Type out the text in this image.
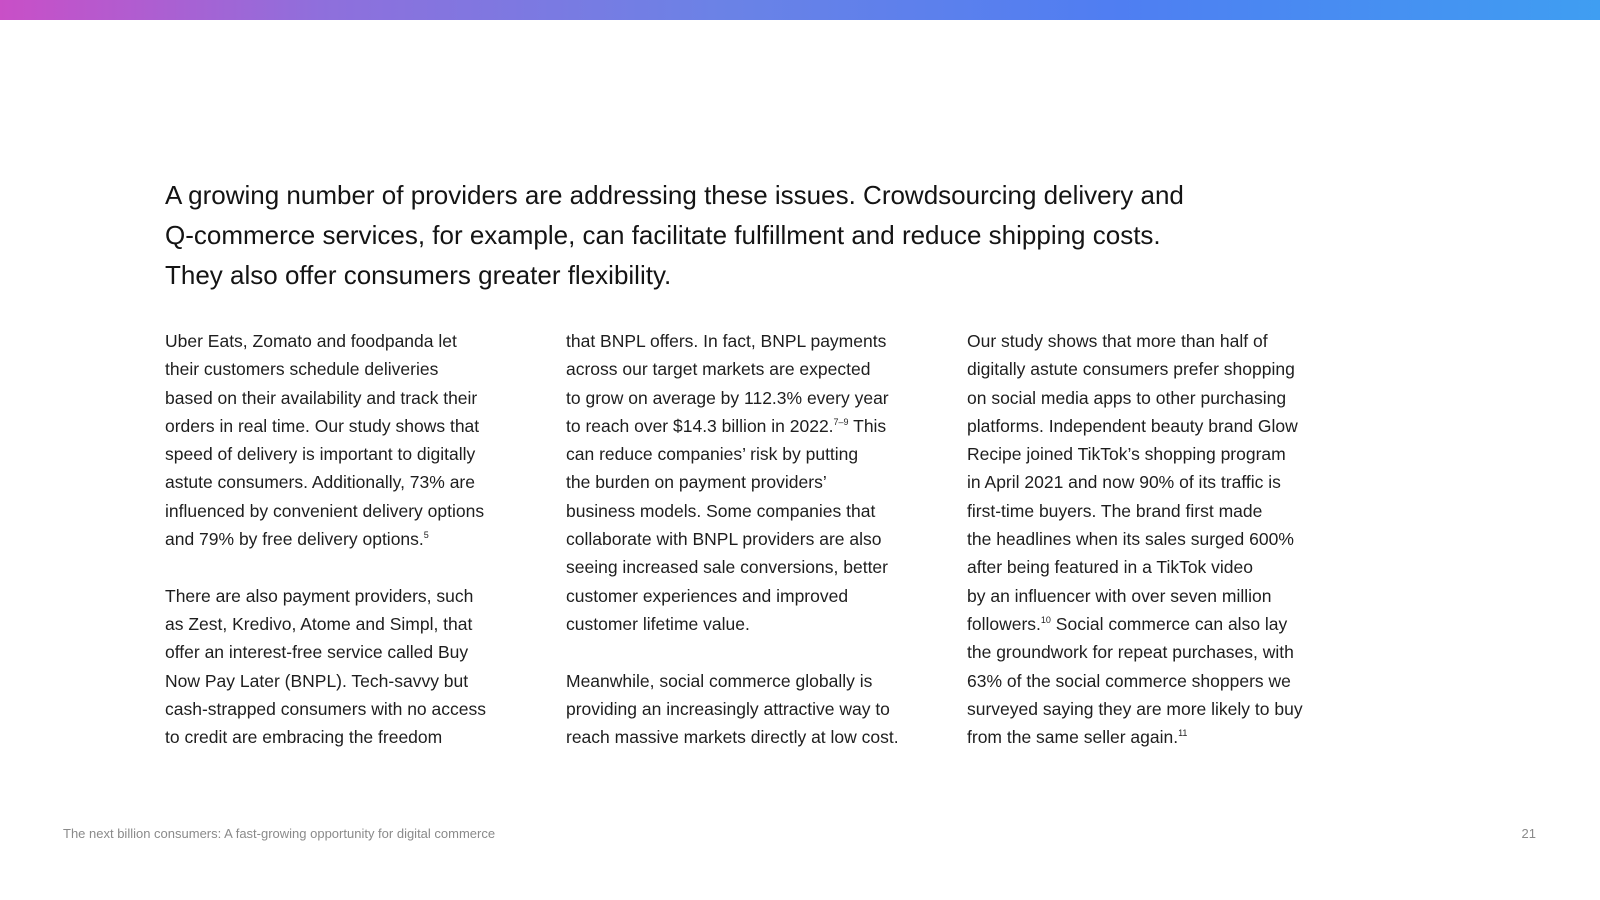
A growing number of providers are addressing these issues. Crowdsourcing delivery and
Q-commerce services, for example, can facilitate fulfillment and reduce shipping costs.
They also offer consumers greater flexibility.

Uber Eats, Zomato and foodpanda let
their customers schedule deliveries
based on their availability and track their
orders in real time. Our study shows that
speed of delivery is important to digitally
astute consumers. Additionally, 73% are
influenced by convenient delivery options
and 79% by free delivery options.$^5$

There are also payment providers, such
as Zest, Kredivo, Atome and Simpl, that
offer an interest-free service called Buy
Now Pay Later (BNPL). Tech-savvy but
cash-strapped consumers with no access
to credit are embracing the freedom

that BNPL offers. In fact, BNPL payments
across our target markets are expected
to grow on average by 112.3% every year
to reach over $14.3 billion in 2022.$^{7-9}$ This
can reduce companies’ risk by putting
the burden on payment providers’
business models. Some companies that
collaborate with BNPL providers are also
seeing increased sale conversions, better
customer experiences and improved
customer lifetime value.

Meanwhile, social commerce globally is
providing an increasingly attractive way to
reach massive markets directly at low cost.

Our study shows that more than half of
digitally astute consumers prefer shopping
on social media apps to other purchasing
platforms. Independent beauty brand Glow
Recipe joined TikTok’s shopping program
in April 2021 and now 90% of its traffic is
first-time buyers. The brand first made
the headlines when its sales surged 600%
after being featured in a TikTok video
by an influencer with over seven million
followers.$^{10}$ Social commerce can also lay
the groundwork for repeat purchases, with
63% of the social commerce shoppers we
surveyed saying they are more likely to buy
from the same seller again.$^{11}$

The next billion consumers: A fast-growing opportunity for digital commerce	21
